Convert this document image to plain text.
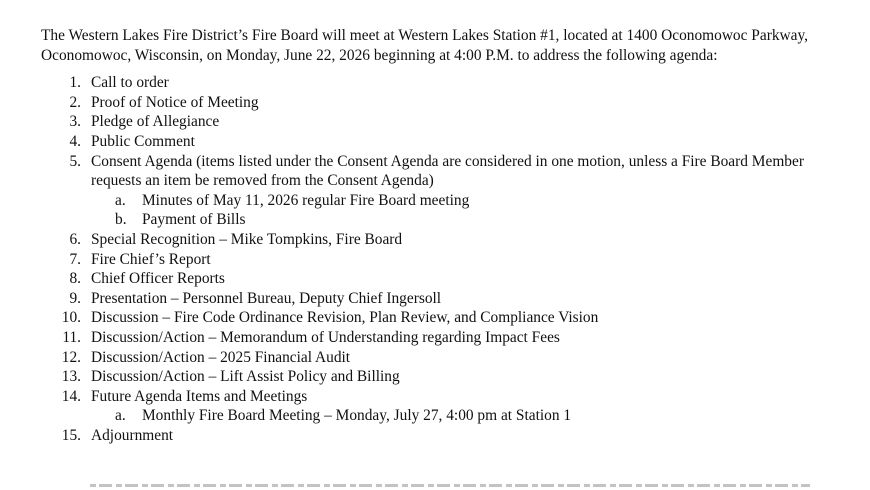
The Western Lakes Fire District’s Fire Board will meet at Western Lakes Station #1, located at 1400 Oconomowoc Parkway, Oconomowoc, Wisconsin, on Monday, June 22, 2026 beginning at 4:00 P.M. to address the following agenda:

1. Call to order
2. Proof of Notice of Meeting
3. Pledge of Allegiance
4. Public Comment
5. Consent Agenda (items listed under the Consent Agenda are considered in one motion, unless a Fire Board Member requests an item be removed from the Consent Agenda)
a. Minutes of May 11, 2026 regular Fire Board meeting
b. Payment of Bills
6. Special Recognition – Mike Tompkins, Fire Board
7. Fire Chief’s Report
8. Chief Officer Reports
9. Presentation – Personnel Bureau, Deputy Chief Ingersoll
10. Discussion – Fire Code Ordinance Revision, Plan Review, and Compliance Vision
11. Discussion/Action – Memorandum of Understanding regarding Impact Fees
12. Discussion/Action – 2025 Financial Audit
13. Discussion/Action – Lift Assist Policy and Billing
14. Future Agenda Items and Meetings
a. Monthly Fire Board Meeting – Monday, July 27, 4:00 pm at Station 1
15. Adjournment
